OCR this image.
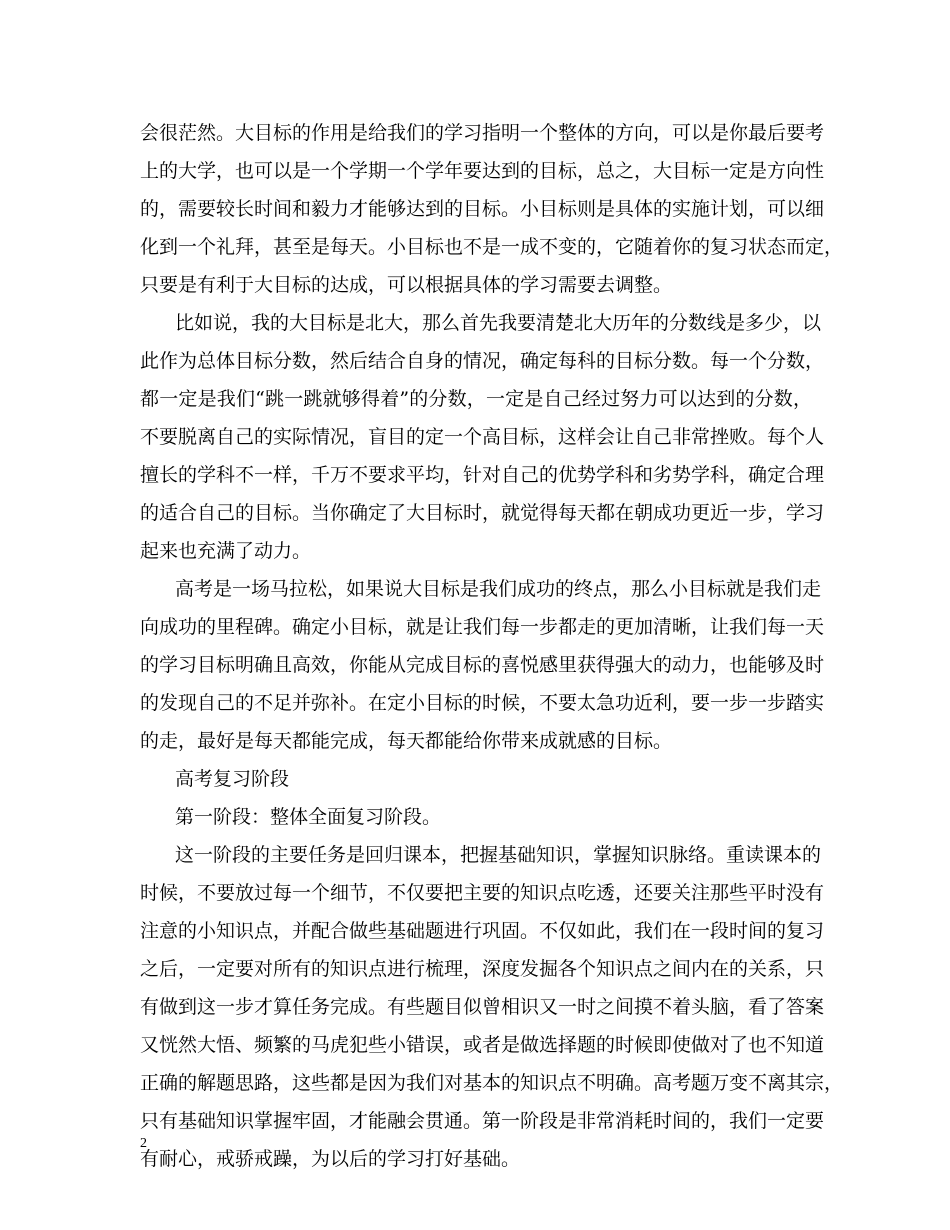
会很茫然。大目标的作用是给我们的学习指明一个整体的方向，可以是你最后要考
上的大学，也可以是一个学期一个学年要达到的目标，总之，大目标一定是方向性
的，需要较长时间和毅力才能够达到的目标。小目标则是具体的实施计划，可以细
化到一个礼拜，甚至是每天。小目标也不是一成不变的，它随着你的复习状态而定，
只要是有利于大目标的达成，可以根据具体的学习需要去调整。
比如说，我的大目标是北大，那么首先我要清楚北大历年的分数线是多少，以
此作为总体目标分数，然后结合自身的情况，确定每科的目标分数。每一个分数，
都一定是我们“跳一跳就够得着”的分数，一定是自己经过努力可以达到的分数，
不要脱离自己的实际情况，盲目的定一个高目标，这样会让自己非常挫败。每个人
擅长的学科不一样，千万不要求平均，针对自己的优势学科和劣势学科，确定合理
的适合自己的目标。当你确定了大目标时，就觉得每天都在朝成功更近一步，学习
起来也充满了动力。
高考是一场马拉松，如果说大目标是我们成功的终点，那么小目标就是我们走
向成功的里程碑。确定小目标，就是让我们每一步都走的更加清晰，让我们每一天
的学习目标明确且高效，你能从完成目标的喜悦感里获得强大的动力，也能够及时
的发现自己的不足并弥补。在定小目标的时候，不要太急功近利，要一步一步踏实
的走，最好是每天都能完成，每天都能给你带来成就感的目标。
高考复习阶段
第一阶段：整体全面复习阶段。
这一阶段的主要任务是回归课本，把握基础知识，掌握知识脉络。重读课本的
时候，不要放过每一个细节，不仅要把主要的知识点吃透，还要关注那些平时没有
注意的小知识点，并配合做些基础题进行巩固。不仅如此，我们在一段时间的复习
之后，一定要对所有的知识点进行梳理，深度发掘各个知识点之间内在的关系，只
有做到这一步才算任务完成。有些题目似曾相识又一时之间摸不着头脑，看了答案
又恍然大悟、频繁的马虎犯些小错误，或者是做选择题的时候即使做对了也不知道
正确的解题思路，这些都是因为我们对基本的知识点不明确。高考题万变不离其宗，
只有基础知识掌握牢固，才能融会贯通。第一阶段是非常消耗时间的，我们一定要
有耐心，戒骄戒躁，为以后的学习打好基础。
2
